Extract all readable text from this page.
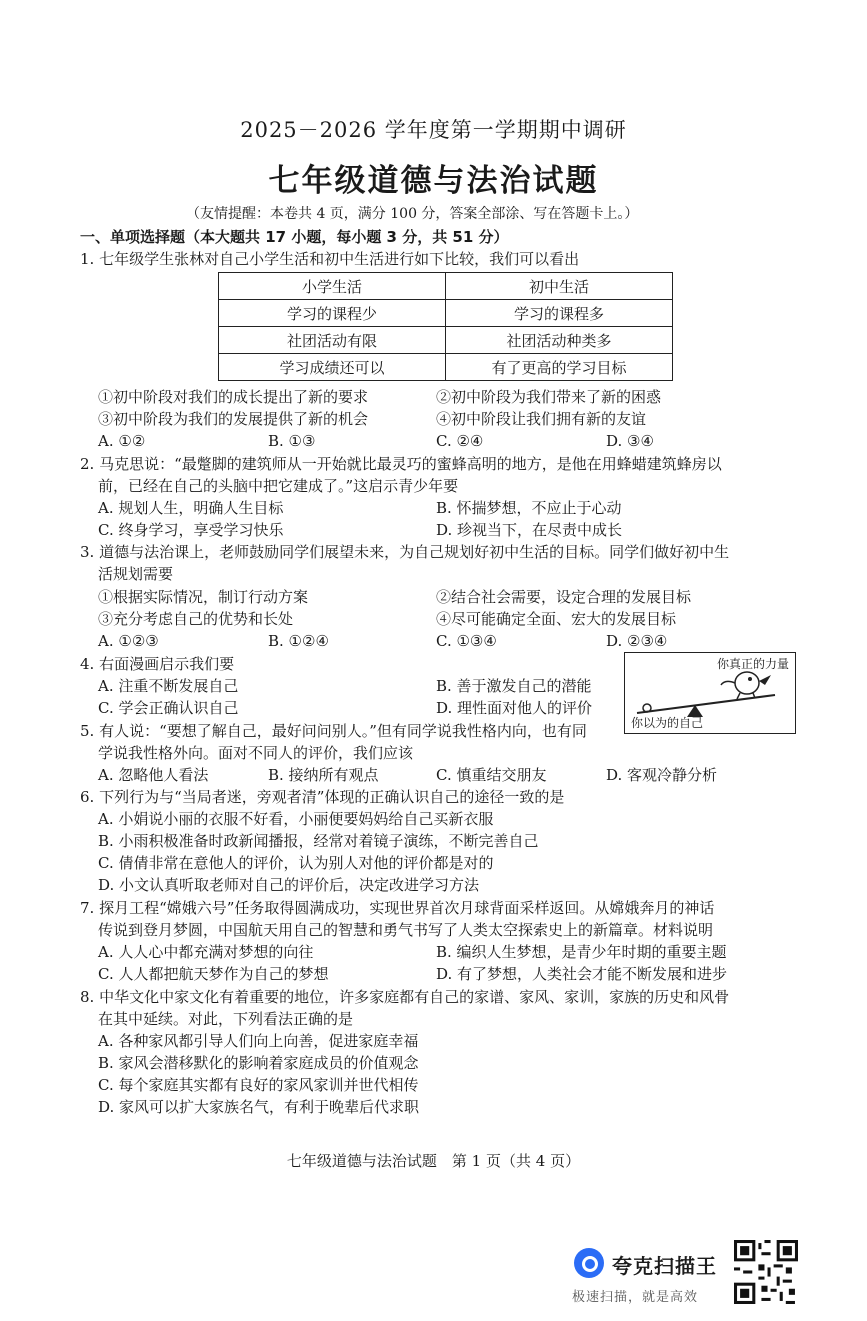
2025－2026 学年度第一学期期中调研
七年级道德与法治试题
（友情提醒：本卷共 4 页，满分 100 分，答案全部涂、写在答题卡上。）
一、单项选择题（本大题共 17 小题，每小题 3 分，共 51 分）
1. 七年级学生张林对自己小学生活和初中生活进行如下比较，我们可以看出
小学生活	初中生活
学习的课程少	学习的课程多
社团活动有限	社团活动种类多
学习成绩还可以	有了更高的学习目标
①初中阶段对我们的成长提出了新的要求	②初中阶段为我们带来了新的困惑
③初中阶段为我们的发展提供了新的机会	④初中阶段让我们拥有新的友谊
A. ①②	B. ①③	C. ②④	D. ③④
2. 马克思说：“最蹩脚的建筑师从一开始就比最灵巧的蜜蜂高明的地方，是他在用蜂蜡建筑蜂房以
前，已经在自己的头脑中把它建成了。”这启示青少年要
A. 规划人生，明确人生目标	B. 怀揣梦想，不应止于心动
C. 终身学习，享受学习快乐	D. 珍视当下，在尽责中成长
3. 道德与法治课上，老师鼓励同学们展望未来，为自己规划好初中生活的目标。同学们做好初中生
活规划需要
①根据实际情况，制订行动方案	②结合社会需要，设定合理的发展目标
③充分考虑自己的优势和长处	④尽可能确定全面、宏大的发展目标
A. ①②③	B. ①②④	C. ①③④	D. ②③④
4. 右面漫画启示我们要
A. 注重不断发展自己	B. 善于激发自己的潜能
C. 学会正确认识自己	D. 理性面对他人的评价
你真正的力量
你以为的自己
5. 有人说：“要想了解自己，最好问问别人。”但有同学说我性格内向，也有同
学说我性格外向。面对不同人的评价，我们应该
A. 忽略他人看法	B. 接纳所有观点	C. 慎重结交朋友	D. 客观冷静分析
6. 下列行为与“当局者迷，旁观者清”体现的正确认识自己的途径一致的是
A. 小娟说小丽的衣服不好看，小丽便要妈妈给自己买新衣服
B. 小雨积极准备时政新闻播报，经常对着镜子演练，不断完善自己
C. 倩倩非常在意他人的评价，认为别人对他的评价都是对的
D. 小文认真听取老师对自己的评价后，决定改进学习方法
7. 探月工程“嫦娥六号”任务取得圆满成功，实现世界首次月球背面采样返回。从嫦娥奔月的神话
传说到登月梦圆，中国航天用自己的智慧和勇气书写了人类太空探索史上的新篇章。材料说明
A. 人人心中都充满对梦想的向往	B. 编织人生梦想，是青少年时期的重要主题
C. 人人都把航天梦作为自己的梦想	D. 有了梦想，人类社会才能不断发展和进步
8. 中华文化中家文化有着重要的地位，许多家庭都有自己的家谱、家风、家训，家族的历史和风骨
在其中延续。对此，下列看法正确的是
A. 各种家风都引导人们向上向善，促进家庭幸福
B. 家风会潜移默化的影响着家庭成员的价值观念
C. 每个家庭其实都有良好的家风家训并世代相传
D. 家风可以扩大家族名气，有利于晚辈后代求职
七年级道德与法治试题　第 1 页（共 4 页）
夸克扫描王
极速扫描，就是高效
